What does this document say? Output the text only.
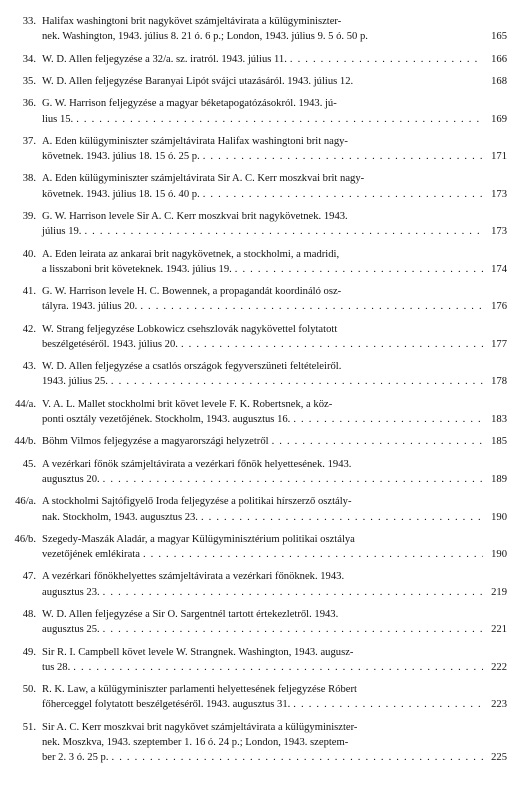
33. Halifax washingtoni brit nagykövet számjeltávirata a külügyminiszter-
nek. Washington, 1943. július 8. 21 ó. 6 p.; London, 1943. július 9. 5 ó. 50 p.	165
34. W. D. Allen feljegyzése a 32/a. sz. iratról. 1943. július 11. . . .	166
35. W. D. Allen feljegyzése Baranyai Lipót svájci utazásáról. 1943. július 12.	168
36. G. W. Harrison feljegyzése a magyar béketapogatózásokról. 1943. jú-
lius 15. . . .	169
37. A. Eden külügyminiszter számjeltávirata Halifax washingtoni brit nagy-
követnek. 1943. július 18. 15 ó. 25 p. . . .	171
38. A. Eden külügyminiszter számjeltávirata Sir A. C. Kerr moszkvai brit nagy-
követnek. 1943. július 18. 15 ó. 40 p. . . .	173
39. G. W. Harrison levele Sir A. C. Kerr moszkvai brit nagykövetnek. 1943.
július 19. . . .	173
40. A. Eden leirata az ankarai brit nagykövetnek, a stockholmi, a madridi,
a lisszaboni brit követeknek. 1943. július 19. . . .	174
41. G. W. Harrison levele H. C. Bowennek, a propagandát koordináló osz-
tályra. 1943. július 20. . . .	176
42. W. Strang feljegyzése Lobkowicz csehszlovák nagykövettel folytatott
beszélgetéséről. 1943. július 20. . . .	177
43. W. D. Allen feljegyzése a csatlós országok fegyverszüneti feltételeiről.
1943. július 25. . . .	178
44/a. V. A. L. Mallet stockholmi brit követ levele F. K. Robertsnek, a köz-
ponti osztály vezetőjének. Stockholm, 1943. augusztus 16. . . .	183
44/b. Böhm Vilmos feljegyzése a magyarországi helyzetről . . .	185
45. A vezérkari főnök számjeltávirata a vezérkari főnök helyettesének. 1943.
augusztus 20. . . .	189
46/a. A stockholmi Sajtófigyelő Iroda feljegyzése a politikai hírszerző osztály-
nak. Stockholm, 1943. augusztus 23. . . .	190
46/b. Szegedy-Maszák Aladár, a magyar Külügyminisztérium politikai osztálya
vezetőjének emlékirata . . .	190
47. A vezérkari főnökhelyettes számjeltávirata a vezérkari főnöknek. 1943.
augusztus 23. . . .	219
48. W. D. Allen feljegyzése a Sir O. Sargentnél tartott értekezletről. 1943.
augusztus 25. . . .	221
49. Sir R. I. Campbell követ levele W. Strangnek. Washington, 1943. augusz-
tus 28. . . .	222
50. R. K. Law, a külügyminiszter parlamenti helyettesének feljegyzése Róbert
főherceggel folytatott beszélgetéséről. 1943. augusztus 31. . . .	223
51. Sir A. C. Kerr moszkvai brit nagykövet számjeltávirata a külügyminiszter-
nek. Moszkva, 1943. szeptember 1. 16 ó. 24 p.; London, 1943. szeptem-
ber 2. 3 ó. 25 p. . . .	225
